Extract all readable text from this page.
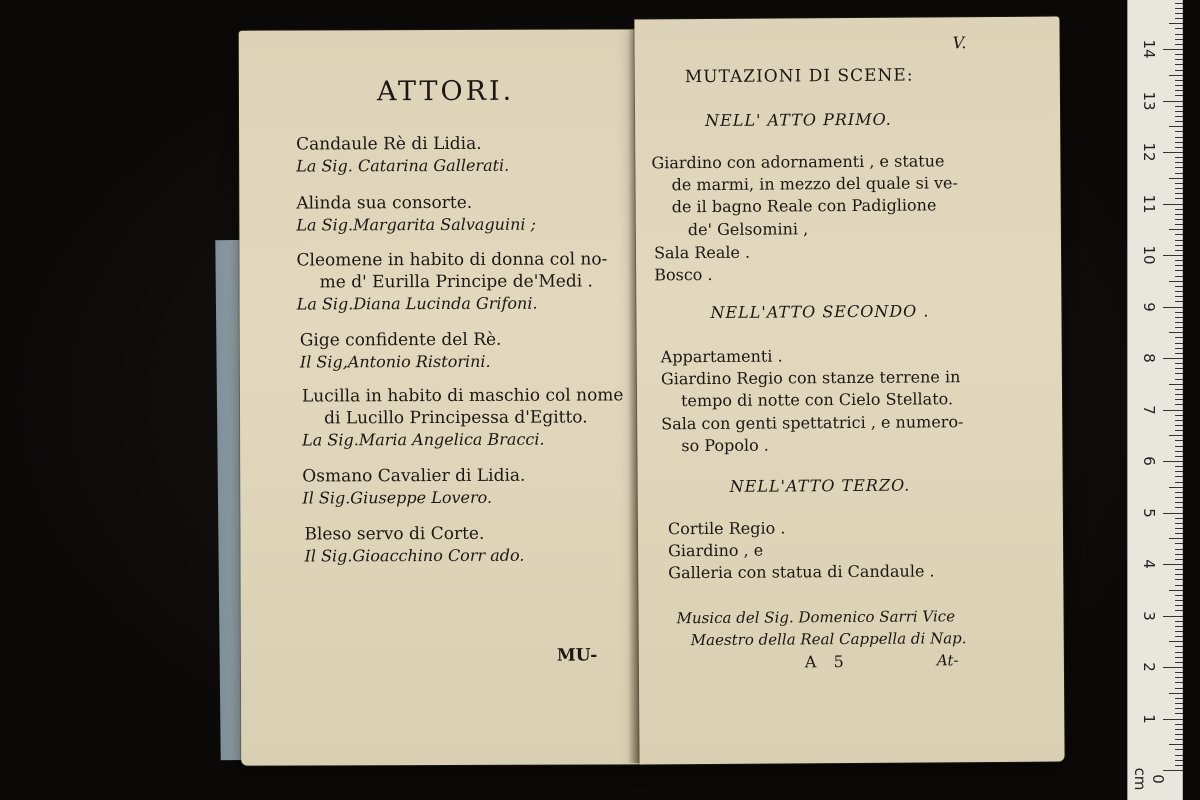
ATTORI.
Candaule Rè di Lidia.
La Sig. Catarina Gallerati.
Alinda sua consorte.
La Sig.Margarita Salvaguini ;
Cleomene in habito di donna col no-
me d' Eurilla Principe de'Medi .
La Sig.Diana Lucinda Grifoni.
Gige confidente del Rè.
Il Sig,Antonio Ristorini.
Lucilla in habito di maschio col nome
di Lucillo Principessa d'Egitto.
La Sig.Maria Angelica Bracci.
Osmano Cavalier di Lidia.
Il Sig.Giuseppe Lovero.
Bleso servo di Corte.
Il Sig.Gioacchino Corr ado.
MU-
V.
MUTAZIONI DI SCENE:
NELL' ATTO PRIMO.
Giardino con adornamenti , e statue
de marmi, in mezzo del quale si ve-
de il bagno Reale con Padiglione
de' Gelsomini ,
Sala Reale .
Bosco .
NELL'ATTO SECONDO .
Appartamenti .
Giardino Regio con stanze terrene in
tempo di notte con Cielo Stellato.
Sala con genti spettatrici , e numero-
so Popolo .
NELL'ATTO TERZO.
Cortile Regio .
Giardino , e
Galleria con statua di Candaule .
Musica del Sig. Domenico Sarri Vice
Maestro della Real Cappella di Nap.
A 5	At-
14
13
12
11
10
9
8
7
6
5
4
3
2
1
0 cm
